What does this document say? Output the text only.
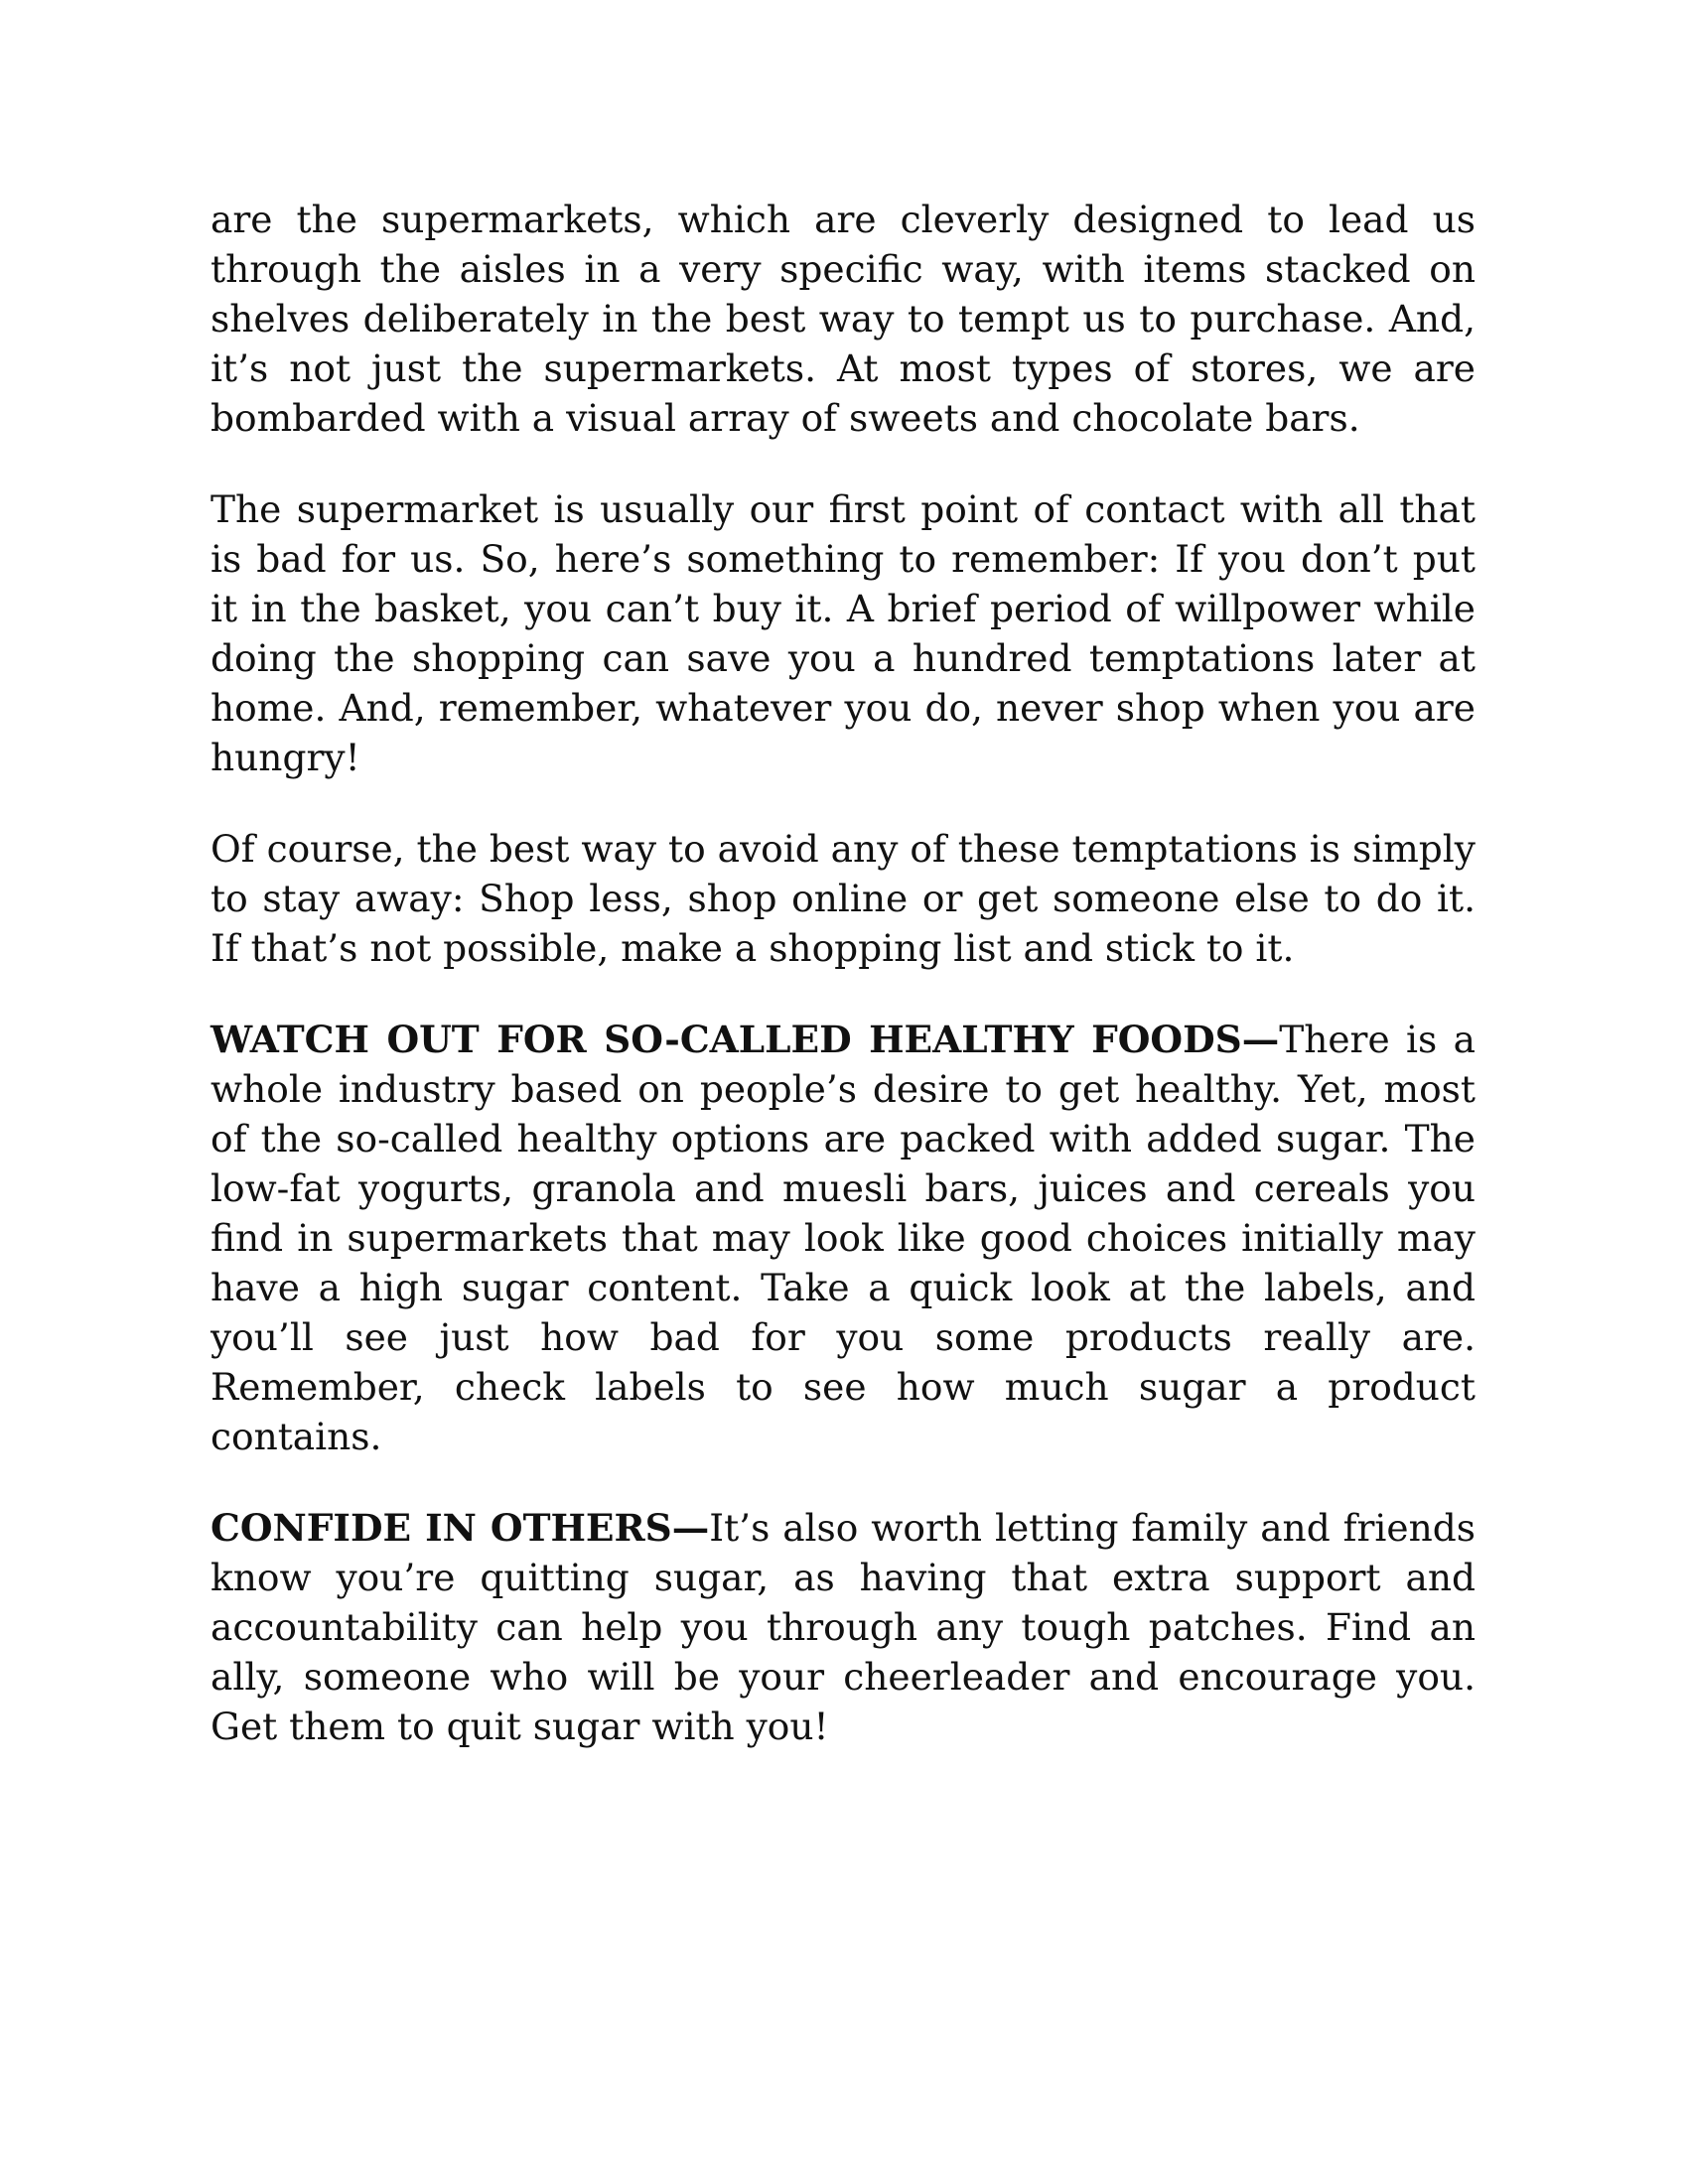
are the supermarkets, which are cleverly designed to lead us through the aisles in a very specific way, with items stacked on shelves deliberately in the best way to tempt us to purchase. And, it’s not just the supermarkets. At most types of stores, we are bombarded with a visual array of sweets and chocolate bars.

The supermarket is usually our first point of contact with all that is bad for us. So, here’s something to remember: If you don’t put it in the basket, you can’t buy it. A brief period of willpower while doing the shopping can save you a hundred temptations later at home. And, remember, whatever you do, never shop when you are hungry!

Of course, the best way to avoid any of these temptations is simply to stay away: Shop less, shop online or get someone else to do it. If that’s not possible, make a shopping list and stick to it.

WATCH OUT FOR SO-CALLED HEALTHY FOODS—There is a whole industry based on people’s desire to get healthy. Yet, most of the so-called healthy options are packed with added sugar. The low-fat yogurts, granola and muesli bars, juices and cereals you find in supermarkets that may look like good choices initially may have a high sugar content. Take a quick look at the labels, and you’ll see just how bad for you some products really are. Remember, check labels to see how much sugar a product contains.

CONFIDE IN OTHERS—It’s also worth letting family and friends know you’re quitting sugar, as having that extra support and accountability can help you through any tough patches. Find an ally, someone who will be your cheerleader and encourage you. Get them to quit sugar with you!
